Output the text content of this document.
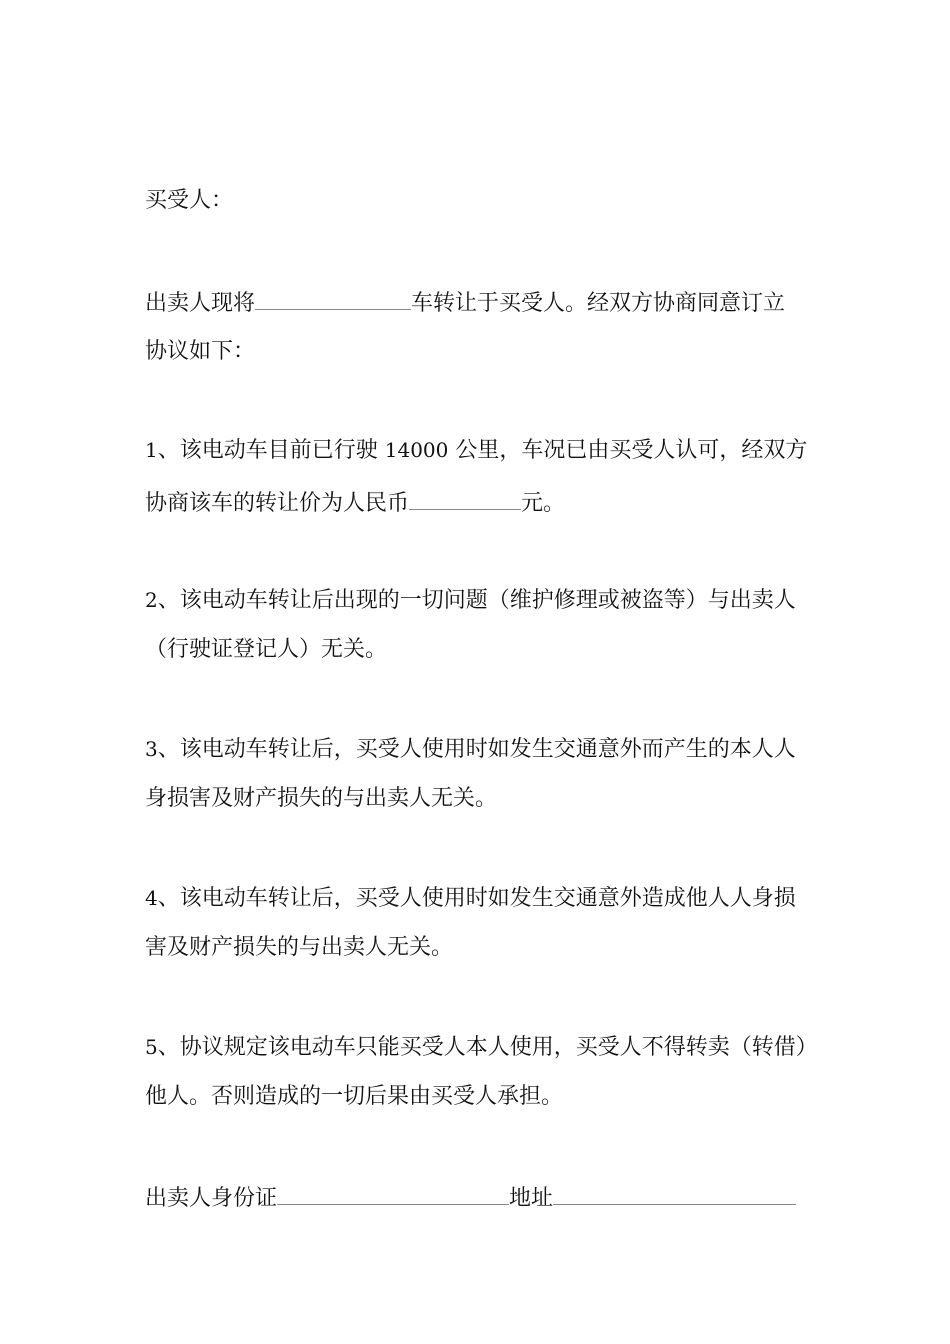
买受人：
出卖人现将	车转让于买受人。经双方协商同意订立
协议如下：
1、该电动车目前已行驶 14000 公里，车况已由买受人认可，经双方
协商该车的转让价为人民币	元。
2、该电动车转让后出现的一切问题（维护修理或被盗等）与出卖人
（行驶证登记人）无关。
3、该电动车转让后，买受人使用时如发生交通意外而产生的本人人
身损害及财产损失的与出卖人无关。
4、该电动车转让后，买受人使用时如发生交通意外造成他人人身损
害及财产损失的与出卖人无关。
5、协议规定该电动车只能买受人本人使用，买受人不得转卖（转借）
他人。否则造成的一切后果由买受人承担。
出卖人身份证	地址
